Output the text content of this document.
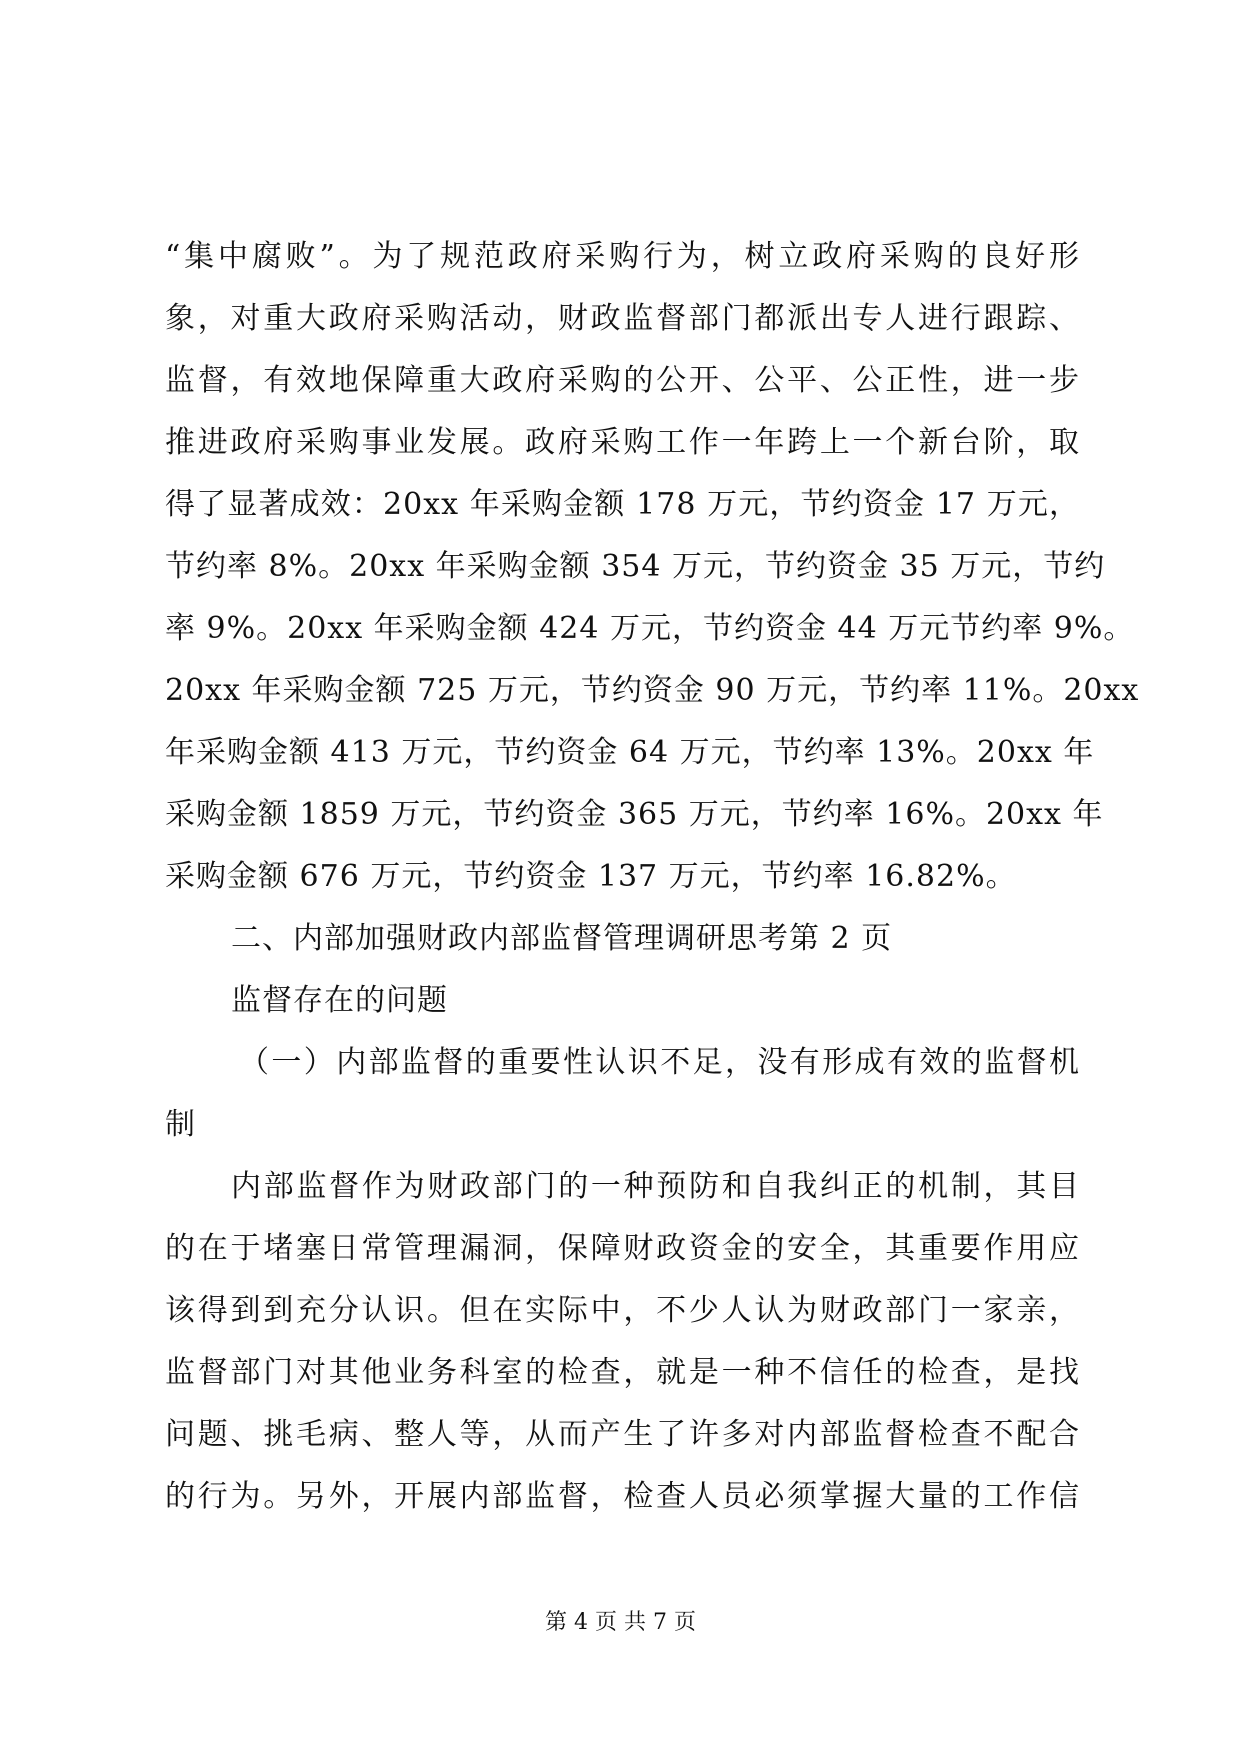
“集中腐败”。为了规范政府采购行为，树立政府采购的良好形
象，对重大政府采购活动，财政监督部门都派出专人进行跟踪、
监督，有效地保障重大政府采购的公开、公平、公正性，进一步
推进政府采购事业发展。政府采购工作一年跨上一个新台阶，取
得了显著成效：20xx 年采购金额 178 万元，节约资金 17 万元，
节约率 8%。20xx 年采购金额 354 万元，节约资金 35 万元，节约
率 9%。20xx 年采购金额 424 万元，节约资金 44 万元节约率 9%。
20xx 年采购金额 725 万元，节约资金 90 万元，节约率 11%。20xx
年采购金额 413 万元，节约资金 64 万元，节约率 13%。20xx 年
采购金额 1859 万元，节约资金 365 万元，节约率 16%。20xx 年
采购金额 676 万元，节约资金 137 万元，节约率 16.82%。
二、内部加强财政内部监督管理调研思考第 2 页
监督存在的问题
（一）内部监督的重要性认识不足，没有形成有效的监督机
制
内部监督作为财政部门的一种预防和自我纠正的机制，其目
的在于堵塞日常管理漏洞，保障财政资金的安全，其重要作用应
该得到到充分认识。但在实际中，不少人认为财政部门一家亲，
监督部门对其他业务科室的检查，就是一种不信任的检查，是找
问题、挑毛病、整人等，从而产生了许多对内部监督检查不配合
的行为。另外，开展内部监督，检查人员必须掌握大量的工作信
第 4 页 共 7 页
